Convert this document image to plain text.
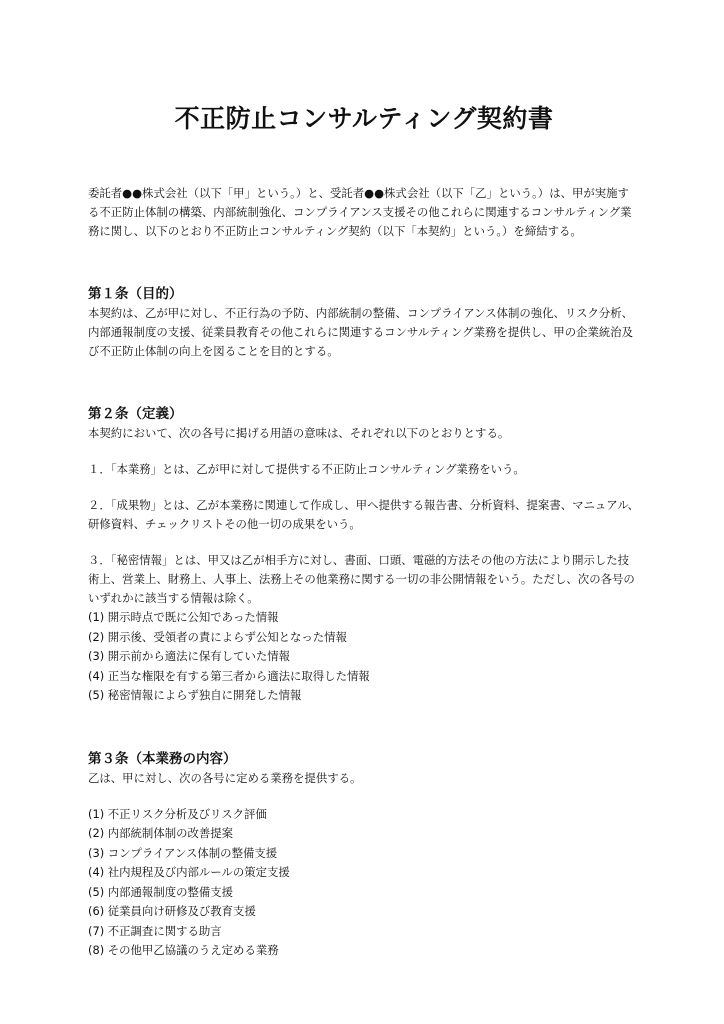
不正防止コンサルティング契約書

委託者●●株式会社（以下「甲」という。）と、受託者●●株式会社（以下「乙」という。）は、甲が実施する不正防止体制の構築、内部統制強化、コンプライアンス支援その他これらに関連するコンサルティング業務に関し、以下のとおり不正防止コンサルティング契約（以下「本契約」という。）を締結する。

第１条（目的）

本契約は、乙が甲に対し、不正行為の予防、内部統制の整備、コンプライアンス体制の強化、リスク分析、内部通報制度の支援、従業員教育その他これらに関連するコンサルティング業務を提供し、甲の企業統治及び不正防止体制の向上を図ることを目的とする。

第２条（定義）

本契約において、次の各号に掲げる用語の意味は、それぞれ以下のとおりとする。

１．「本業務」とは、乙が甲に対して提供する不正防止コンサルティング業務をいう。

２．「成果物」とは、乙が本業務に関連して作成し、甲へ提供する報告書、分析資料、提案書、マニュアル、研修資料、チェックリストその他一切の成果をいう。

３．「秘密情報」とは、甲又は乙が相手方に対し、書面、口頭、電磁的方法その他の方法により開示した技術上、営業上、財務上、人事上、法務上その他業務に関する一切の非公開情報をいう。ただし、次の各号のいずれかに該当する情報は除く。

(1) 開示時点で既に公知であった情報

(2) 開示後、受領者の責によらず公知となった情報

(3) 開示前から適法に保有していた情報

(4) 正当な権限を有する第三者から適法に取得した情報

(5) 秘密情報によらず独自に開発した情報

第３条（本業務の内容）

乙は、甲に対し、次の各号に定める業務を提供する。

(1) 不正リスク分析及びリスク評価

(2) 内部統制体制の改善提案

(3) コンプライアンス体制の整備支援

(4) 社内規程及び内部ルールの策定支援

(5) 内部通報制度の整備支援

(6) 従業員向け研修及び教育支援

(7) 不正調査に関する助言

(8) その他甲乙協議のうえ定める業務
